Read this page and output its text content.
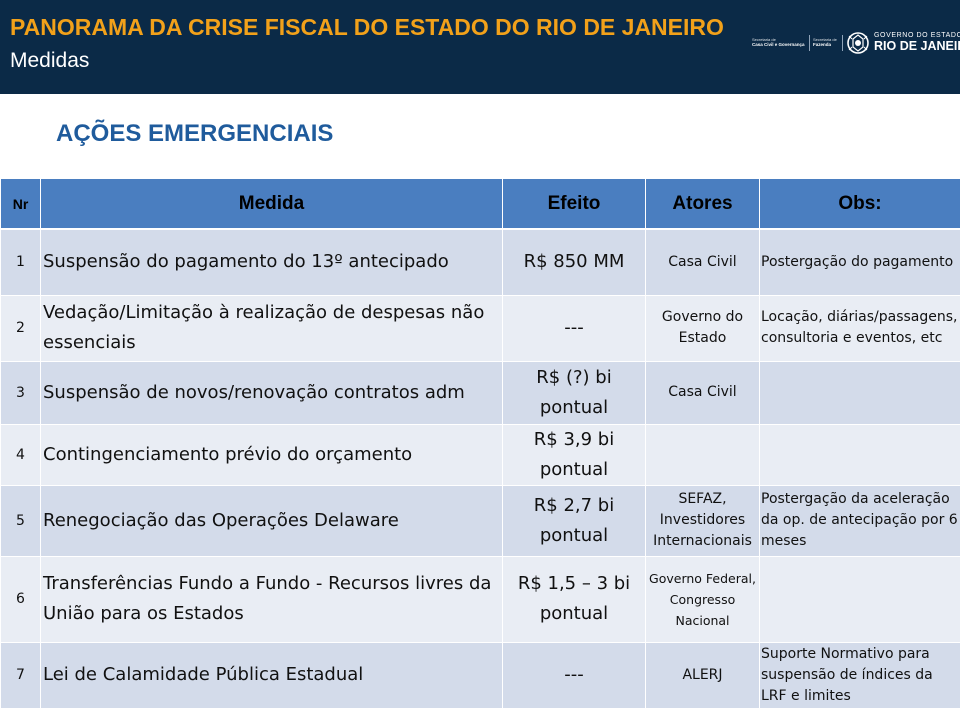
PANORAMA DA CRISE FISCAL DO ESTADO DO RIO DE JANEIRO
Medidas
Secretaria de
Casa Civil e Governança
Secretaria de
Fazenda
GOVERNO DO ESTADO
RIO DE JANEIRO
AÇÕES EMERGENCIAIS
Nr	Medida	Efeito	Atores	Obs:
1	Suspensão do pagamento do 13º antecipado	R$ 850 MM	Casa Civil	Postergação do pagamento
2	Vedação/Limitação à realização de despesas não essenciais	---	Governo do Estado	Locação, diárias/passagens, consultoria e eventos, etc
3	Suspensão de novos/renovação contratos adm	R$ (?) bi pontual	Casa Civil	
4	Contingenciamento prévio do orçamento	R$ 3,9 bi pontual		
5	Renegociação das Operações Delaware	R$ 2,7 bi pontual	SEFAZ, Investidores Internacionais	Postergação da aceleração da op. de antecipação por 6 meses
6	Transferências Fundo a Fundo - Recursos livres da União para os Estados	R$ 1,5 – 3 bi pontual	Governo Federal, Congresso Nacional	
7	Lei de Calamidade Pública Estadual	---	ALERJ	Suporte Normativo para suspensão de índices da LRF e limites
